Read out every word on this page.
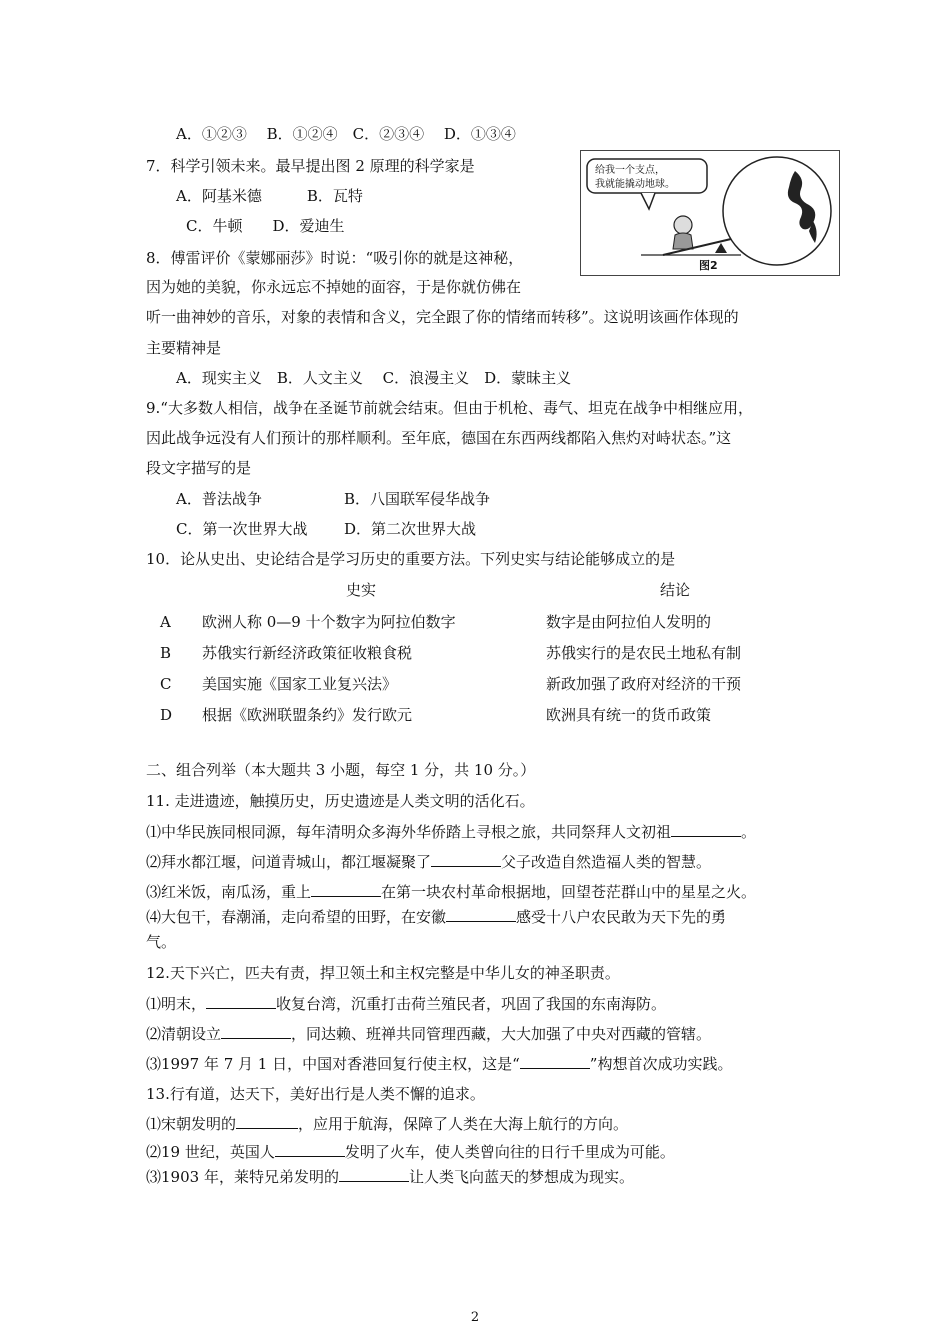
A．①②③　 B．①②④　C．②③④　 D．①③④
7．科学引领未来。最早提出图 2 原理的科学家是
A．阿基米德　　　B．瓦特
C．牛顿　　D．爱迪生
给我一个支点，
我就能撬动地球。
图2
8．傅雷评价《蒙娜丽莎》时说：“吸引你的就是这神秘，
因为她的美貌，你永远忘不掉她的面容，于是你就仿佛在
听一曲神妙的音乐，对象的表情和含义，完全跟了你的情绪而转移”。这说明该画作体现的
主要精神是
A．现实主义　B．人文主义　 C．浪漫主义　D．蒙昧主义
9.“大多数人相信，战争在圣诞节前就会结束。但由于机枪、毒气、坦克在战争中相继应用，
因此战争远没有人们预计的那样顺利。至年底，德国在东西两线都陷入焦灼对峙状态。”这
段文字描写的是
A．普法战争	B．八国联军侵华战争
C．第一次世界大战 D．第二次世界大战
10．论从史出、史论结合是学习历史的重要方法。下列史实与结论能够成立的是
史实	结论
A 欧洲人称 0—9 十个数字为阿拉伯数字	数字是由阿拉伯人发明的
B 苏俄实行新经济政策征收粮食税	苏俄实行的是农民土地私有制
C 美国实施《国家工业复兴法》	新政加强了政府对经济的干预
D 根据《欧洲联盟条约》发行欧元	欧洲具有统一的货币政策
二、组合列举（本大题共 3 小题，每空 1 分，共 10 分。）
11. 走进遗迹，触摸历史，历史遗迹是人类文明的活化石。
⑴中华民族同根同源，每年清明众多海外华侨踏上寻根之旅，共同祭拜人文初祖	。
⑵拜水都江堰，问道青城山，都江堰凝聚了	父子改造自然造福人类的智慧。
⑶红米饭，南瓜汤，重上	在第一块农村革命根据地，回望苍茫群山中的星星之火。
⑷大包干，春潮涌，走向希望的田野，在安徽	感受十八户农民敢为天下先的勇
气。
12.天下兴亡，匹夫有责，捍卫领土和主权完整是中华儿女的神圣职责。
⑴明末，	收复台湾，沉重打击荷兰殖民者，巩固了我国的东南海防。
⑵清朝设立	，同达赖、班禅共同管理西藏，大大加强了中央对西藏的管辖。
⑶1997 年 7 月 1 日，中国对香港回复行使主权，这是“	”构想首次成功实践。
13.行有道，达天下，美好出行是人类不懈的追求。
⑴宋朝发明的	，应用于航海，保障了人类在大海上航行的方向。
⑵19 世纪，英国人	发明了火车，使人类曾向往的日行千里成为可能。
⑶1903 年，莱特兄弟发明的	让人类飞向蓝天的梦想成为现实。
2
